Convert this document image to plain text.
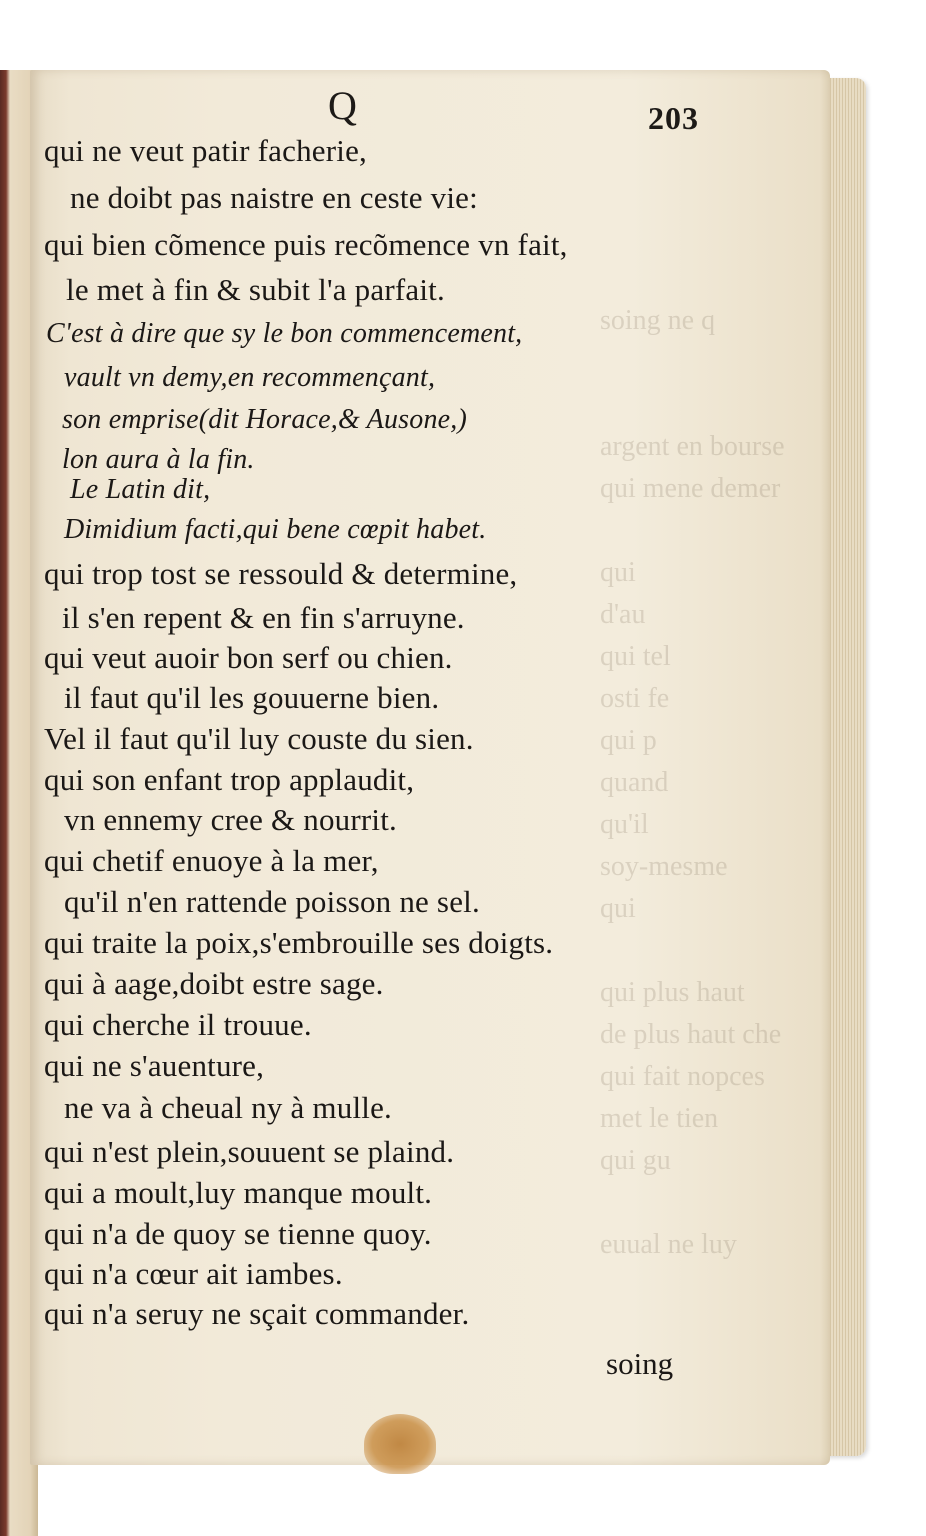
soing ne q

argent en bourse
qui mene demer

qui
d'au
qui tel
osti fe
qui p
quand
qu'il
soy-mesme
qui

qui plus haut
de plus haut che
qui fait nopces
met le tien
qui gu

euual ne luy
Q	203
qui ne veut patir facherie,
ne doibt pas naistre en ceste vie:
qui bien cõmence puis recõmence vn fait,
le met à fin & subit l'a parfait.
C'est à dire que sy le bon commencement,
vault vn demy,en recommençant,
son emprise(dit Horace,& Ausone,)
lon aura à la fin.
Le Latin dit,
Dimidium facti,qui bene cœpit habet.
qui trop tost se ressould & determine,
il s'en repent & en fin s'arruyne.
qui veut auoir bon serf ou chien.
il faut qu'il les gouuerne bien.
Vel il faut qu'il luy couste du sien.
qui son enfant trop applaudit,
vn ennemy cree & nourrit.
qui chetif enuoye à la mer,
qu'il n'en rattende poisson ne sel.
qui traite la poix,s'embrouille ses doigts.
qui à aage,doibt estre sage.
qui cherche il trouue.
qui ne s'auenture,
ne va à cheual ny à mulle.
qui n'est plein,souuent se plaind.
qui a moult,luy manque moult.
qui n'a de quoy se tienne quoy.
qui n'a cœur ait iambes.
qui n'a seruy ne sçait commander.
soing
